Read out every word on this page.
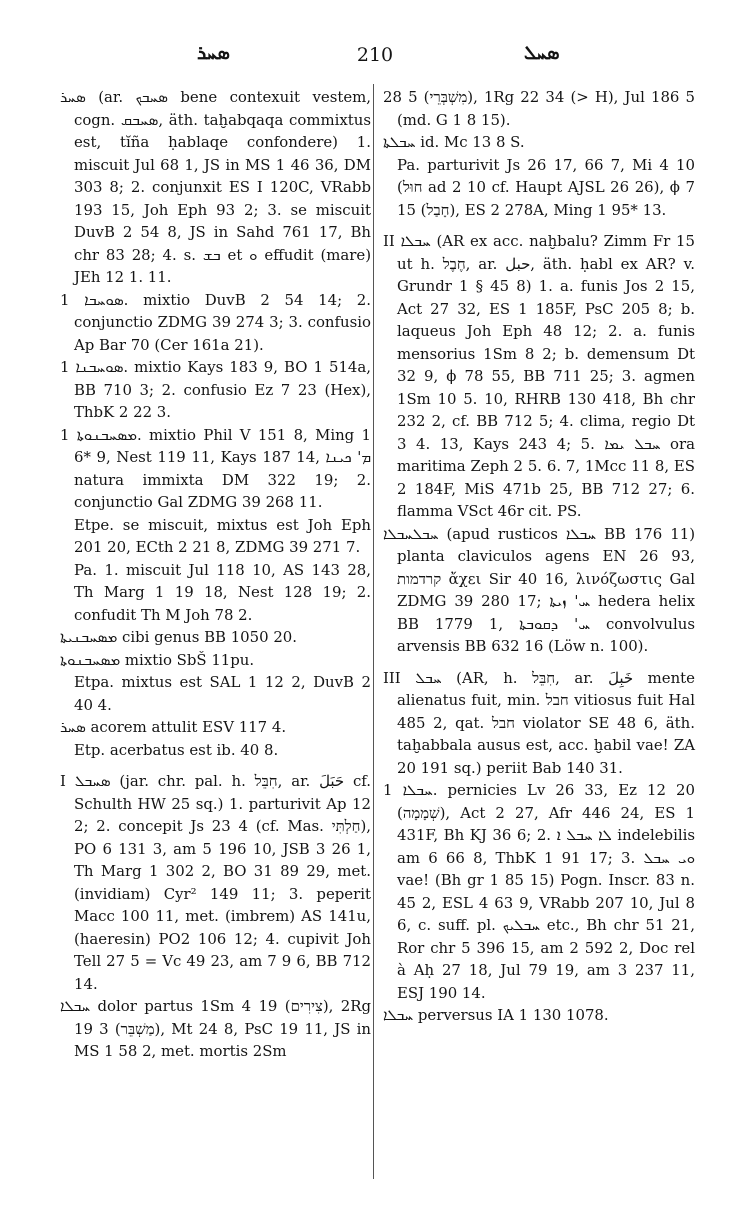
ܣܚܪ	210	ܣܚܠ

ܣܚܪ (ar. ܣܚܒܟ bene contexuit vestem, cogn. ܣܚܒܩ, äth. taḫabqaqa commixtus est, tĭña ḥablaqe confondere) 1. miscuit Jul 68 1, JS in MS 1 46 36, DM 303 8; 2. conjunxit ES I 120C, VRabb 193 15, Joh Eph 93 2; 3. se miscuit DuvB 2 54 8, JS in Sahd 761 17, Bh chr 83 28; 4. s. ܒܫ et ܘ effudit (mare) JEh 12 1. 11.

ܣܘܚܒܐ 1. mixtio DuvB 2 54 14; 2. conjunctio ZDMG 39 274 3; 3. confusio Ap Bar 70 (Cer 161a 21).

ܣܘܚܒܢܐ 1. mixtio Kays 183 9, BO 1 514a, BB 710 3; 2. confusio Ez 7 23 (Hex), ThbK 2 22 3.

ܡܣܚܒܢܘܬܐ 1. mixtio Phil V 151 8, Ming 1 6* 9, Nest 119 11, Kays 187 14, ܡ' ܟܝܢܐ natura immixta DM 322 19; 2. conjunctio Gal ZDMG 39 268 11.

Etpe. se miscuit, mixtus est Joh Eph 201 20, ECth 2 21 8, ZDMG 39 271 7.

Pa. 1. miscuit Jul 118 10, AS 143 28, Th Marg 1 19 18, Nest 128 19; 2. confudit Th M Joh 78 2.

ܡܣܚܒܢܝܬܐ cibi genus BB 1050 20.

ܡܣܚܒܢܘܬܐ mixtio SbŠ 11pu.

Etpa. mixtus est SAL 1 12 2, DuvB 2 40 4.

ܣܚܪ acorem attulit ESV 117 4.

Etp. acerbatus est ib. 40 8.

I ܣܚܒܠ (jar. chr. pal. h. חִבֵּל, ar. حَبَلَ cf. Schulth HW 25 sq.) 1. parturivit Ap 12 2; 2. concepit Js 23 4 (cf. Mas. חַלְתִּי), PO 6 131 3, am 5 196 10, JSB 3 26 1, Th Marg 1 302 2, BO 31 89 29, met. (invidiam) Cyr² 149 11; 3. peperit Macc 100 11, met. (imbrem) AS 141u, (haeresin) PO2 106 12; 4. cupivit Joh Tell 27 5 = Vc 49 23, am 7 9 6, BB 712 14.

ܚܒܠܐ dolor partus 1Sm 4 19 (צִירִים), 2Rg 19 3 (מַשְׁבֵּר), Mt 24 8, PsC 19 11, JS in MS 1 58 2, met. mortis 2Sm

28 5 (מִשְׁבְּרֵי), 1Rg 22 34 (> H), Jul 186 5 (md. G 1 8 15).

ܚܒܠܬܐ id. Mc 13 8 S.

Pa. parturivit Js 26 17, 66 7, Mi 4 10 (חוּל ad 2 10 cf. Haupt AJSL 26 26), ϕ 7 15 (חָבַל), ES 2 278A, Ming 1 95* 13.

II ܚܒܠܐ (AR ex acc. naḫbalu? Zimm Fr 15 ut h. חֶבֶל, ar. حبل, äth. ḥabl ex AR? v. Grundr 1 § 45 8) 1. a. funis Jos 2 15, Act 27 32, ES 1 185F, PsC 205 8; b. laqueus Joh Eph 48 12; 2. a. funis mensorius 1Sm 8 2; b. demensum Dt 32 9, ϕ 78 55, BB 711 25; 3. agmen 1Sm 10 5. 10, RHRB 130 418, Bh chr 232 2, cf. BB 712 5; 4. clima, regio Dt 3 4. 13, Kays 243 4; 5. ܚܒܠ ܝܡܐ ora maritima Zeph 2 5. 6. 7, 1Mcc 11 8, ES 2 184F, MiS 471b 25, BB 712 27; 6. flamma VSct 46r cit. PS.

ܚܒܠܚܒܠܐ (apud rusticos ܚܒܠܐ BB 176 11) planta claviculos agens EN 26 93, קרדמות ἄχει Sir 40 16, λινόζωστις Gal ZDMG 39 280 17; ܚ' ܙܝܬܐ hedera helix BB 1779 1, ܚ' ܕܩܘܒܬܐ convolvulus arvensis BB 632 16 (Löw n. 100).

III ܚܒܠ (AR, h. חִבֵּל, ar. خَبِلَ mente alienatus fuit, min. חבל vitiosus fuit Hal 485 2, qat. חבל violator SE 48 6, äth. taḫabbala ausus est, acc. ḫabil vae! ZA 20 191 sq.) periit Bab 140 31.

ܚܒܠܐ 1. pernicies Lv 26 33, Ez 12 20 (שְׁמָמָה), Act 2 27, Afr 446 24, ES 1 431F, Bh KJ 36 6; 2. ܠܐ ܚܒܠ ܐ indelebilis am 6 66 8, ThbK 1 91 17; 3. ܘܝ ܚܒܠ vae! (Bh gr 1 85 15) Pogn. Inscr. 83 n. 45 2, ESL 4 63 9, VRabb 207 10, Jul 8 6, c. suff. pl. ܚܒܠܝܟ etc., Bh chr 51 21, Ror chr 5 396 15, am 2 592 2, Doc rel à Aḥ 27 18, Jul 79 19, am 3 237 11, ESJ 190 14.

ܚܒܠܐ perversus IA 1 130 1078.
